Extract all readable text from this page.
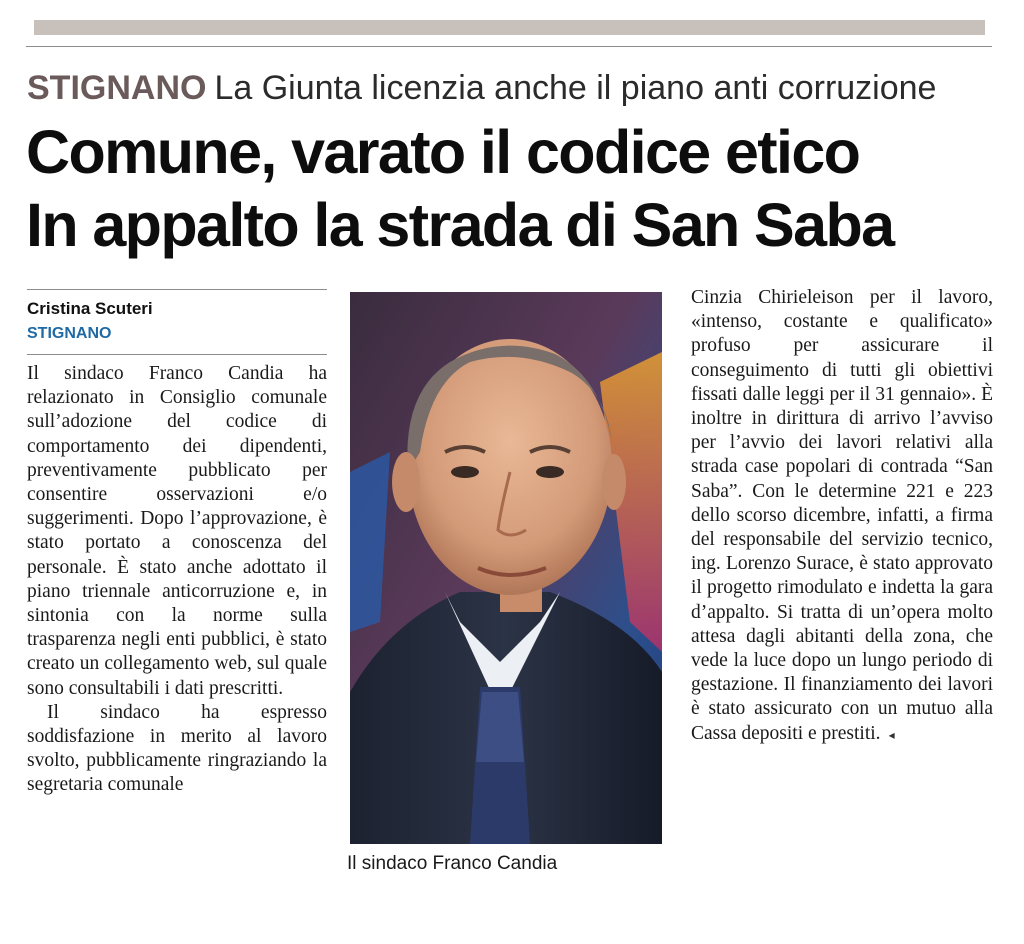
STIGNANO La Giunta licenzia anche il piano anti corruzione
Comune, varato il codice etico
In appalto la strada di San Saba
Cristina Scuteri
STIGNANO

Il sindaco Franco Candia ha relazionato in Consiglio comunale sull’adozione del codice di comportamento dei dipendenti, preventivamente pubblicato per consentire osservazioni e/o suggerimenti. Dopo l’approvazione, è stato portato a conoscenza del personale. È stato anche adottato il piano triennale anticorruzione e, in sintonia con la norme sulla trasparenza negli enti pubblici, è stato creato un collegamento web, sul quale sono consultabili i dati prescritti.

Il sindaco ha espresso soddisfazione in merito al lavoro svolto, pubblicamente ringraziando la segretaria comunale

Il sindaco Franco Candia

Cinzia Chirieleison per il lavoro, «intenso, costante e qualificato» profuso per assicurare il conseguimento di tutti gli obiettivi fissati dalle leggi per il 31 gennaio». È inoltre in dirittura di arrivo l’avviso per l’avvio dei lavori relativi alla strada case popolari di contrada “San Saba”. Con le determine 221 e 223 dello scorso dicembre, infatti, a firma del responsabile del servizio tecnico, ing. Lorenzo Surace, è stato approvato il progetto rimodulato e indetta la gara d’appalto. Si tratta di un’opera molto attesa dagli abitanti della zona, che vede la luce dopo un lungo periodo di gestazione. Il finanziamento dei lavori è stato assicurato con un mutuo alla Cassa depositi e prestiti. ◂
